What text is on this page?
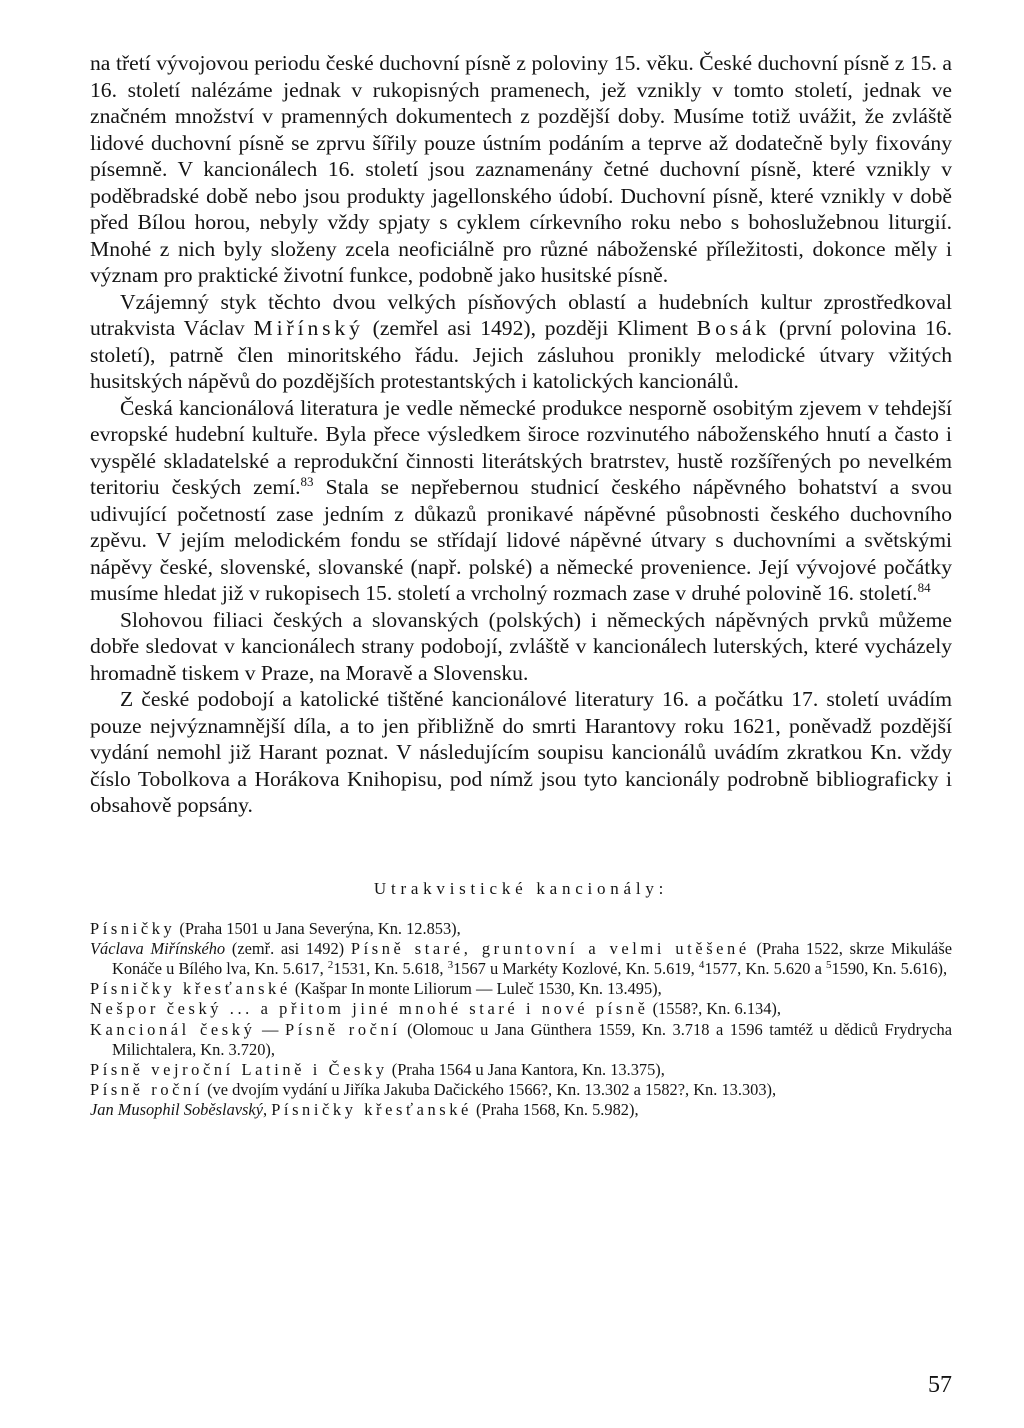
na třetí vývojovou periodu české duchovní písně z poloviny 15. věku. České duchovní písně z 15. a 16. století nalézáme jednak v rukopisných pramenech, jež vznikly v tomto století, jednak ve značném množství v pramenných dokumentech z pozdější doby. Musíme totiž uvážit, že zvláště lidové duchovní písně se zprvu šířily pouze ústním podáním a teprve až dodatečně byly fixovány písemně. V kancionálech 16. století jsou zaznamenány četné duchovní písně, které vznikly v poděbradské době nebo jsou produkty jagellonského údobí. Duchovní písně, které vznikly v době před Bílou horou, nebyly vždy spjaty s cyklem církevního roku nebo s bohoslužebnou liturgií. Mnohé z nich byly složeny zcela neoficiálně pro různé náboženské příležitosti, dokonce měly i význam pro praktické životní funkce, podobně jako husitské písně.

Vzájemný styk těchto dvou velkých písňových oblastí a hudebních kultur zprostředkoval utrakvista Václav Miřínský (zemřel asi 1492), později Kliment Bosák (první polovina 16. století), patrně člen minoritského řádu. Jejich zásluhou pronikly melodické útvary vžitých husitských nápěvů do pozdějších protestantských i katolických kancionálů.

Česká kancionálová literatura je vedle německé produkce nesporně osobitým zjevem v tehdejší evropské hudební kultuře. Byla přece výsledkem široce rozvinutého náboženského hnutí a často i vyspělé skladatelské a reprodukční činnosti literátských bratrstev, hustě rozšířených po nevelkém teritoriu českých zemí.$^{83}$ Stala se nepřebernou studnicí českého nápěvného bohatství a svou udivující početností zase jedním z důkazů pronikavé nápěvné působnosti českého duchovního zpěvu. V jejím melodickém fondu se střídají lidové nápěvné útvary s duchovními a světskými nápěvy české, slovenské, slovanské (např. polské) a německé provenience. Její vývojové počátky musíme hledat již v rukopisech 15. století a vrcholný rozmach zase v druhé polovině 16. století.$^{84}$

Slohovou filiaci českých a slovanských (polských) i německých nápěvných prvků můžeme dobře sledovat v kancionálech strany podobojí, zvláště v kancionálech luterských, které vycházely hromadně tiskem v Praze, na Moravě a Slovensku.

Z české podobojí a katolické tištěné kancionálové literatury 16. a počátku 17. století uvádím pouze nejvýznamnější díla, a to jen přibližně do smrti Harantovy roku 1621, poněvadž pozdější vydání nemohl již Harant poznat. V následujícím soupisu kancionálů uvádím zkratkou Kn. vždy číslo Tobolkova a Horákova Knihopisu, pod nímž jsou tyto kancionály podrobně bibliograficky i obsahově popsány.

Utrakvistické kancionály:

Písničky (Praha 1501 u Jana Severýna, Kn. 12.853),

Václava Miřínského (zemř. asi 1492) Písně staré, gruntovní a velmi utěšené (Praha 1522, skrze Mikuláše Konáče u Bílého lva, Kn. 5.617, $^2$1531, Kn. 5.618, $^3$1567 u Markéty Kozlové, Kn. 5.619, $^4$1577, Kn. 5.620 a $^5$1590, Kn. 5.616),

Písničky křesťanské (Kašpar In monte Liliorum — Luleč 1530, Kn. 13.495),

Nešpor český ... a přitom jiné mnohé staré i nové písně (1558?, Kn. 6.134),

Kancionál český — Písně roční (Olomouc u Jana Günthera 1559, Kn. 3.718 a 1596 tamtéž u dědiců Frydrycha Milichtalera, Kn. 3.720),

Písně vejroční Latině i Česky (Praha 1564 u Jana Kantora, Kn. 13.375),

Písně roční (ve dvojím vydání u Jiříka Jakuba Dačického 1566?, Kn. 13.302 a 1582?, Kn. 13.303),

Jan Musophil Soběslavský, Písničky křesťanské (Praha 1568, Kn. 5.982),

57
